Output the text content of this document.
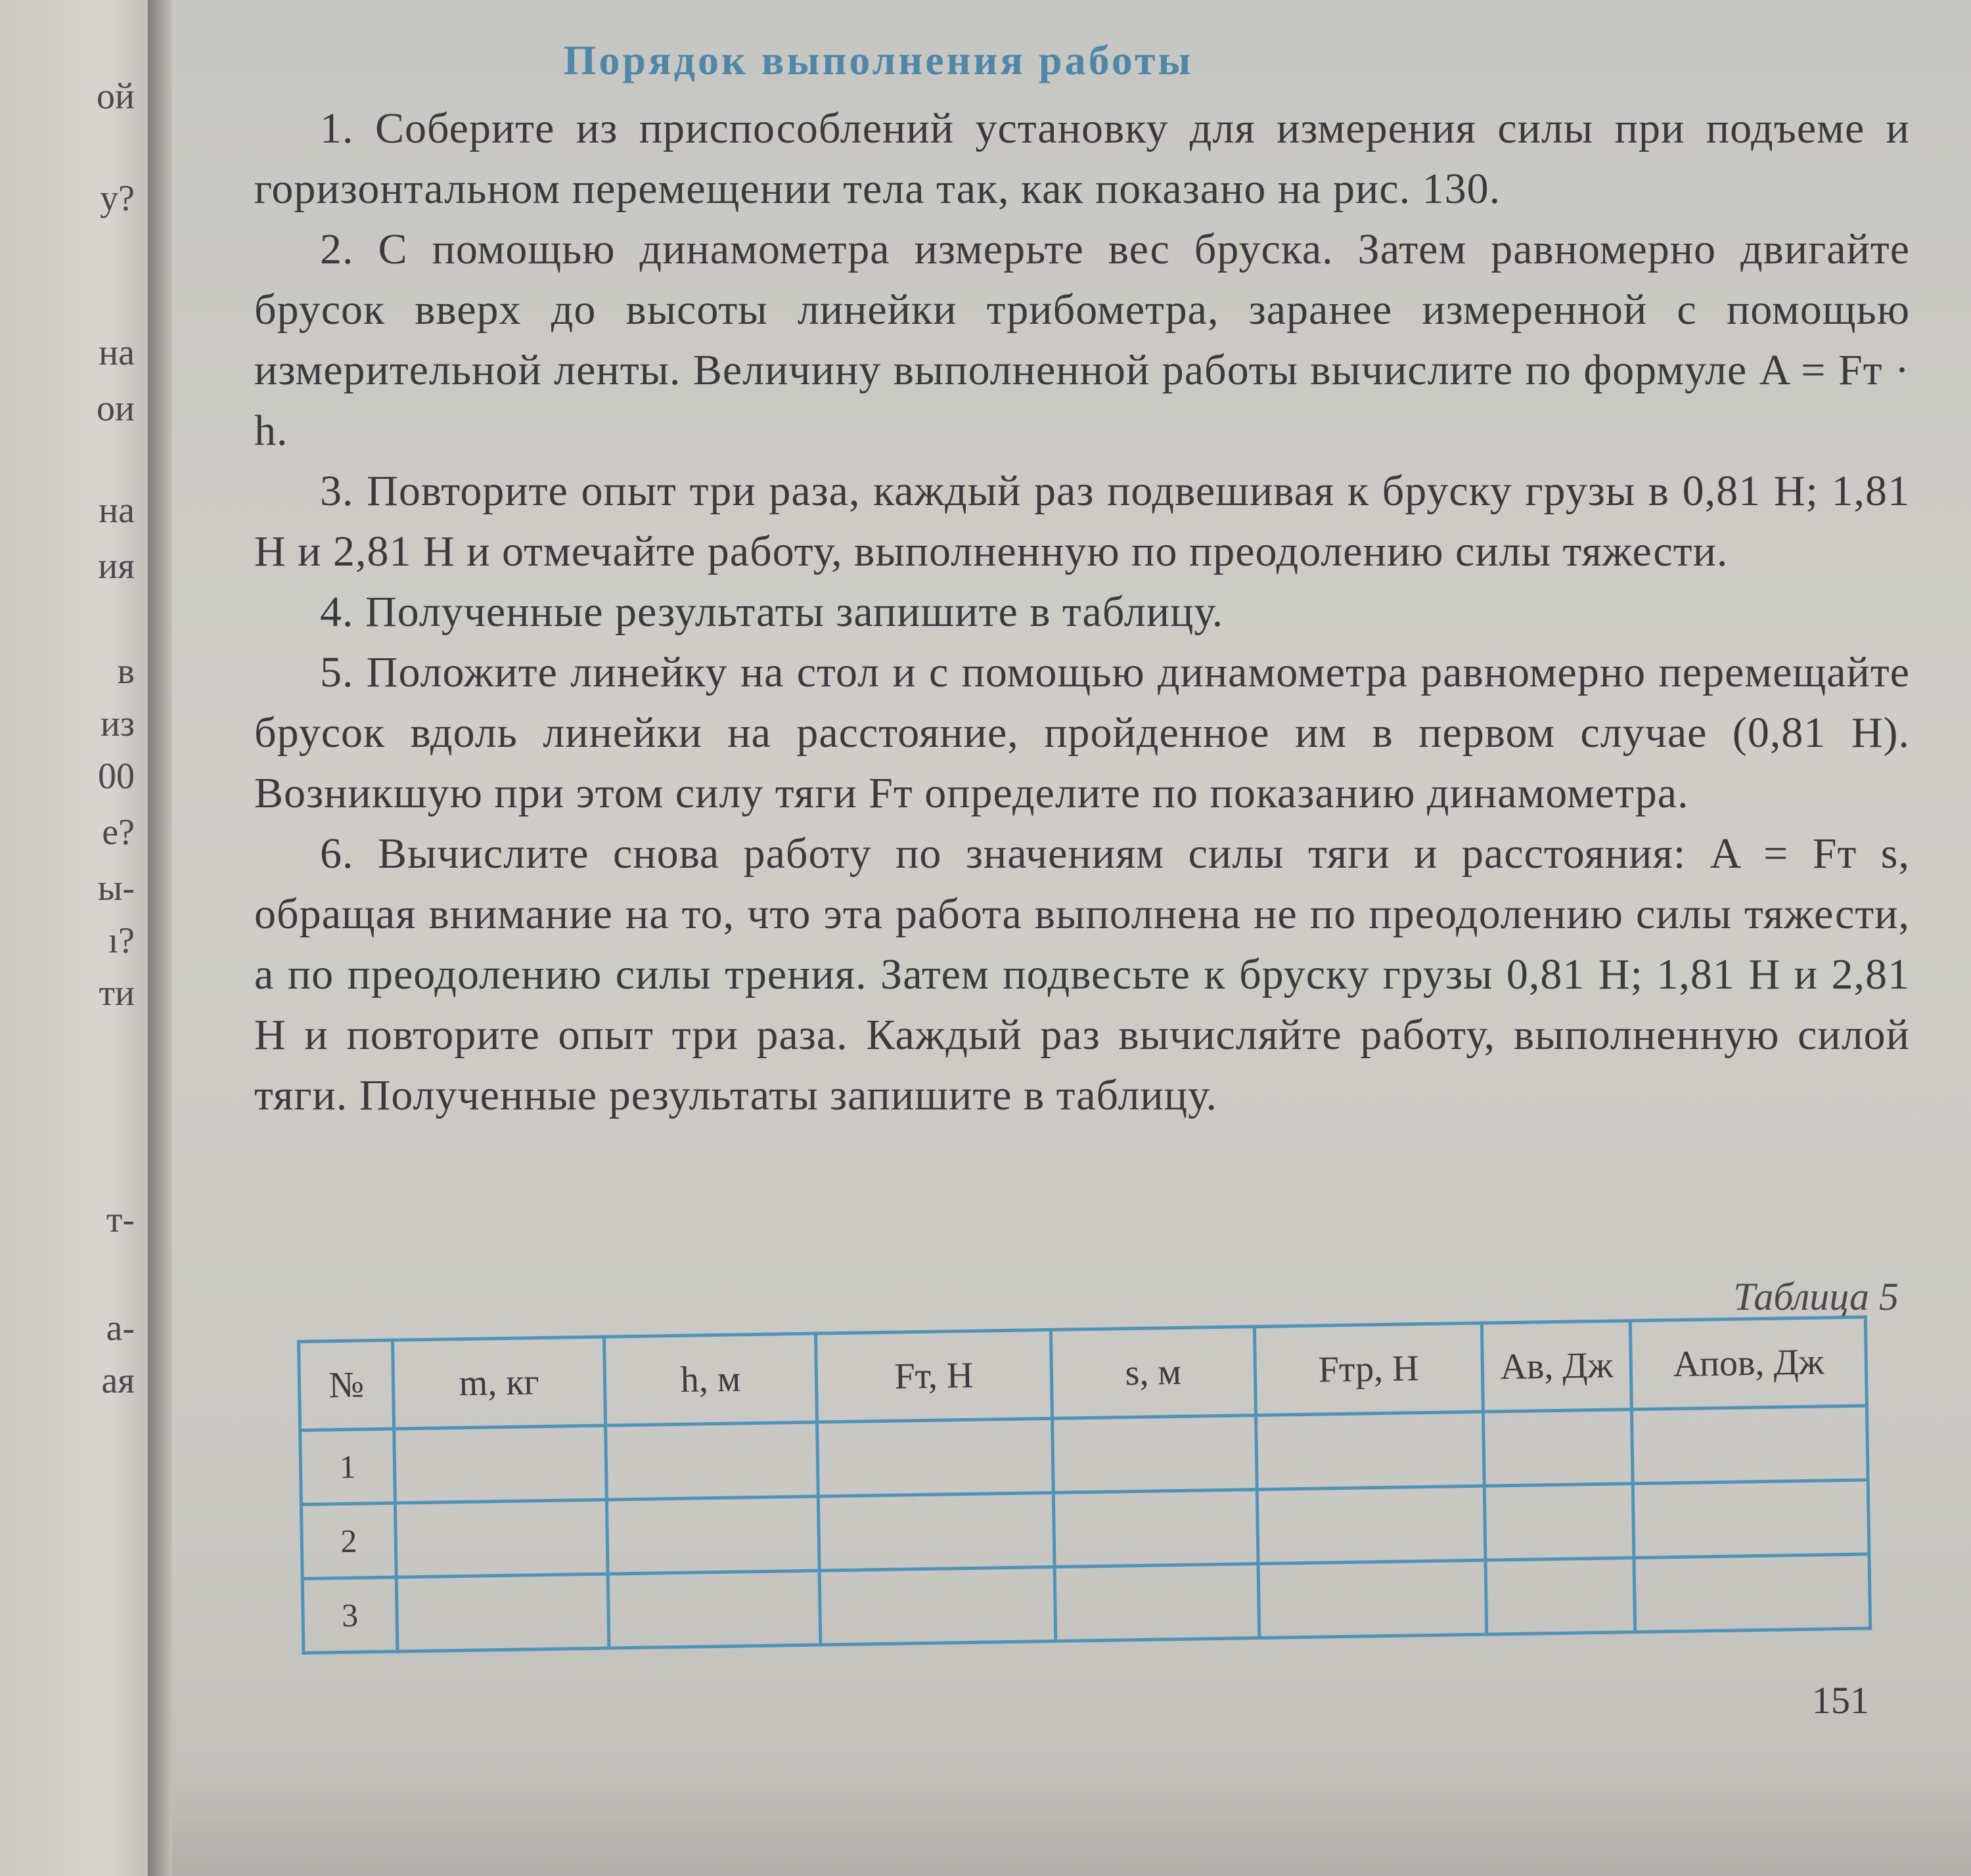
ой
у?
на
ои
на
ия
в
из
00
е?
ы-
ı?
ти
т-
а-
ая
Порядок выполнения работы

1. Соберите из приспособлений установку для измерения силы при подъеме и горизонтальном перемещении тела так, как показано на рис. 130.

2. С помощью динамометра измерьте вес бруска. Затем равномерно двигайте брусок вверх до высоты линейки трибометра, заранее измеренной с помощью измерительной ленты. Величину выполненной работы вычислите по формуле A = Fт · h.

3. Повторите опыт три раза, каждый раз подвешивая к бруску грузы в 0,81 Н; 1,81 Н и 2,81 Н и отмечайте работу, выполненную по преодолению силы тяжести.

4. Полученные результаты запишите в таблицу.

5. Положите линейку на стол и с помощью динамометра равномерно перемещайте брусок вдоль линейки на расстояние, пройденное им в первом случае (0,81 Н). Возникшую при этом силу тяги Fт определите по показанию динамометра.

6. Вычислите снова работу по значениям силы тяги и расстояния: A = Fт s, обращая внимание на то, что эта работа выполнена не по преодолению силы тяжести, а по преодолению силы трения. Затем подвесьте к бруску грузы 0,81 Н; 1,81 Н и 2,81 Н и повторите опыт три раза. Каждый раз вычисляйте работу, выполненную силой тяги. Полученные результаты запишите в таблицу.

Таблица 5
№	m, кг	h, м	Fт, Н	s, м	Fтр, Н	Aв, Дж	Aпов, Дж
1							
2							
3							
151
